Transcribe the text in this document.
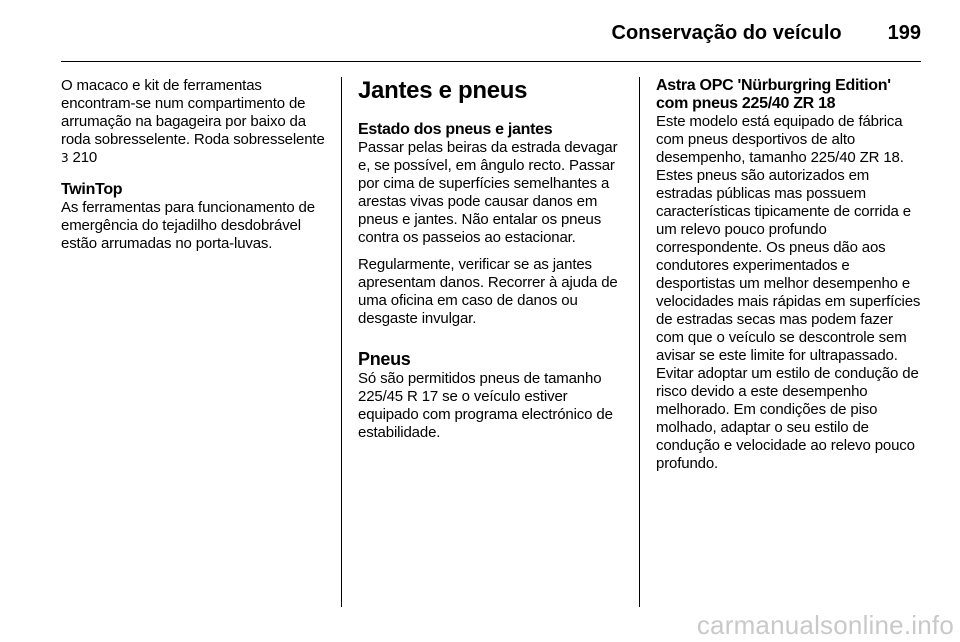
Conservação do veículo 199

O macaco e kit de ferramentas encontram-se num compartimento de arrumação na bagageira por baixo da roda sobresselente. Roda sobresselente 3 210

TwinTop

As ferramentas para funcionamento de emergência do tejadilho desdobrável estão arrumadas no porta-luvas.

Jantes e pneus
Estado dos pneus e jantes

Passar pelas beiras da estrada devagar e, se possível, em ângulo recto. Passar por cima de superfícies semelhantes a arestas vivas pode causar danos em pneus e jantes. Não entalar os pneus contra os passeios ao estacionar.

Regularmente, verificar se as jantes apresentam danos. Recorrer à ajuda de uma oficina em caso de danos ou desgaste invulgar.

Pneus

Só são permitidos pneus de tamanho 225/45 R 17 se o veículo estiver equipado com programa electrónico de estabilidade.

Astra OPC 'Nürburgring Edition' com pneus 225/40 ZR 18

Este modelo está equipado de fábrica com pneus desportivos de alto desempenho, tamanho 225/40 ZR 18. Estes pneus são autorizados em estradas públicas mas possuem características tipicamente de corrida e um relevo pouco profundo correspondente. Os pneus dão aos condutores experimentados e desportistas um melhor desempenho e velocidades mais rápidas em superfícies de estradas secas mas podem fazer com que o veículo se descontrole sem avisar se este limite for ultrapassado. Evitar adoptar um estilo de condução de risco devido a este desempenho melhorado. Em condições de piso molhado, adaptar o seu estilo de condução e velocidade ao relevo pouco profundo.

carmanualsonline.info
